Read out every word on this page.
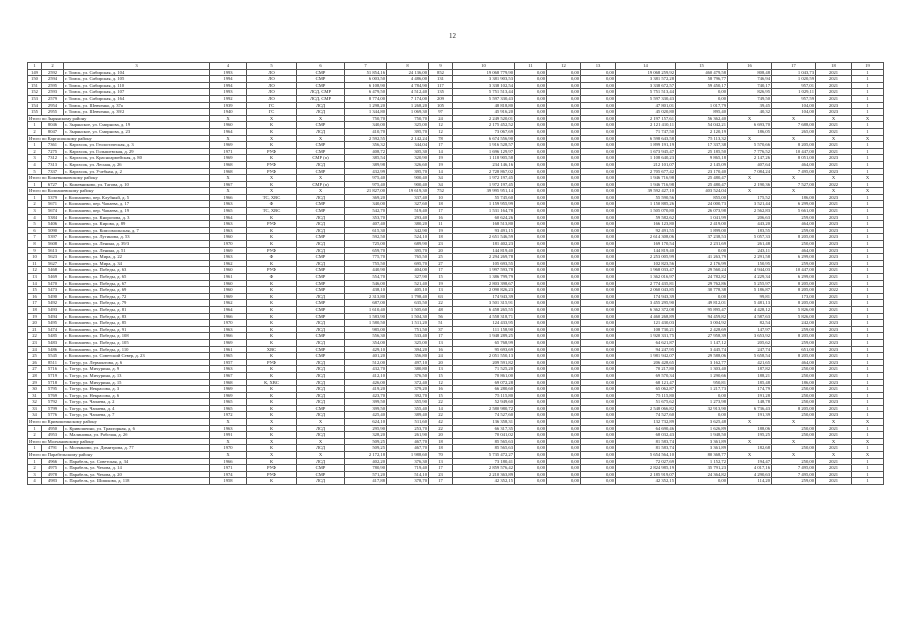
12
1	2	3	4	5	6	7	8	9	10	11	12	13	14	15	16	17	18	19
149	2592	г. Томск, ул. Сибирская, д. 104	1993	ЛО	СМР	51 854,16	24 136,00	852	19 068 779,90	0,00	0,00	0,00	19 068 259,92	460 479,58	808,48	1 043,73	2021	1
150	2594	г. Томск, ул. Сибирская, д. 105	1994	ЛО	СМР	6 003,50	4 486,00	131	3 381 903,53	0,00	0,00	0,00	3 381 572,28	58 796,77	746,94	1 020,59	2021	1
151	2595	г. Томск, ул. Сибирская, д. 110	1994	ЛО	СМР	6 108,90	4 784,90	117	3 338 102,54	0,00	0,00	0,00	3 338 672,57	59 450,17	740,17	957,01	2021	1
152	2593	г. Томск, ул. Сибирская, д. 107	1993	ЛО	ЛСД, СМР	6 479,50	4 512,40	135	5 751 513,44	0,00	0,00	0,00	5 751 513,44	0,00	826,95	1 029,11	2021	1
153	2579	г. Томск, ул. Сибирская, д. 164	1992	ЛО	ЛСД, СМР	8 774,00	7 174,00	209	5 597 330,43	0,00	0,00	0,00	5 597 330,43	0,00	749,50	957,59	2021	1
154	2954	г. Томск, ул. Шевченко, д. 37а	1939	ГС	ЛСД	1 298,20	1 268,20	105	48 818,80	0,00	0,00	0,00	47 801,01	1 017,79	39,45	104,00	2023	1
155	2955	г. Томск, ул. Шевченко, д. 39/2	1940	ГС	ЛСД	1 344,80	1 069,30	97	45 916,20	0,00	0,00	0,00	45 020,80	895,40	40,32	104,00	2023	1
Итого по Зырянскому району			Х	Х	Х	750,70	750,70	24	2 249 520,01	0,00	0,00	0,00	2 197 157,61	56 362,40	Х	Х	Х	Х
1	8046	с. Зырянское, ул. Смирнова, д. 19	1960	К	СМР	340,00	325,00	12	2 175 452,52	0,00	0,00	0,00	2 121 410,11	54 042,21	6 693,70	7 688,00	2021	1
2	8047	с. Зырянское, ул. Смирнова, д. 23	1964	К	ЛСД	410,70	395,70	12	73 067,69	0,00	0,00	0,00	71 747,50	2 120,19	186,05	265,00	2021	1
Итого по Каргасокскому району			Х	Х	Х	2 592,55	2 142,24	78	6 674 556,90	0,00	0,00	0,00	6 598 643,58	75 113,32	Х	Х	Х	Х
1	7361	с. Каргасок, ул. Геологическая, д. 3	1969	К	СМР	356,32	344,04	17	1 916 528,57	0,00	0,00	0,00	1 899 191,19	17 337,38	5 570,66	8 205,00	2021	1
2	7275	с. Каргасок, ул. Голышевская, д. 29	1971	РУФ	СМР	408,72	305,30	14	1 696 129,97	0,00	0,00	0,00	1 673 945,47	25 185,50	7 776,52	10 447,00	2021	1
3	7312	с. Каргасок, ул. Красноармейская, д. 80	1969	К	СМР (п)	385,54	320,90	19	1 118 905,58	0,00	0,00	0,00	1 108 640,23	9 865,18	2 147,26	8 051,00	2023	1
4	7313	с. Каргасок, ул. Лесная, д. 26	1968	РУФ	ЛСД	389,98	326,60	19	234 146,16	0,00	0,00	0,00	212 101,07	2 145,09	407,64	464,00	2021	1
5	7337	с. Каргасок, ул. Учебная, д. 2	1968	РУФ	СМР	432,99	395,70	14	2 728 867,02	0,00	0,00	0,00	2 705 677,42	23 170,40	7 084,24	7 495,00	2023	1
Итого по Кожевниковскому району			Х	Х	Х	975,40	900,40	34	1 972 197,45	0,00	0,00	0,00	1 946 716,98	25 480,47	Х	Х	Х	Х
1	6727	с. Кожевниково, ул. Тагова, д. 10	1967	К	СМР (п)	975,40	900,40	34	1 972 197,45	0,00	0,00	0,00	1 946 716,98	25 480,47	2 190,36	7 527,00	2022	1
Итого по Колпашевскому району			Х	Х	Х	21 827,00	19 619,30	752	39 995 951,14	0,00	0,00	0,00	39 592 427,10	403 524,04	Х	Х	Х	Х
1	5379	г. Колпашево, пер. Клубный, д. 5	1966	ТС, ХВС	ЛСД	369,20	337,40	10	55 745,60	0,00	0,00	0,00	55 590,56	855,00	175,52	186,00	2023	1
2	5671	г. Колпашево, пер. Чапаева, д. 17	1963	Ф	СМР	340,00	327,60	18	1 159 955,99	0,00	0,00	0,00	1 150 885,26	24 000,73	3 521,44	6 299,00	2021	1
3	5674	г. Колпашево, пер. Чапаева, д. 19	1965	ТС, ХВС	СМР	542,70	519,40	17	1 531 164,78	0,00	0,00	0,00	1 505 070,80	26 073,98	2 562,83	5 661,00	2021	1
4	5384	г. Колпашево, ул. Кнорозова, д. 3	1964	К	ЛСД	353,70	293,40	16	60 624,26	0,00	0,00	0,00	59 582,62	1 041,99	206,63	259,00	2023	1
5	5406	г. Колпашево, ул. Кирова, д. 89	1963	РУФ	ЛСД	407,40	380,20	11	168 513,80	0,00	0,00	0,00	166 123,80	2 419,00	443,20	464,00	2023	1
6	5090	г. Колпашево, ул. Комсомольская, д. 7	1963	К	ЛСД	615,30	342,90	19	93 491,15	0,00	0,00	0,00	92 491,55	1 899,00	183,55	259,00	2023	1
7	5397	г. Колпашево, ул. Лугинова, д. 53	1960	К	СМР	592,50	524,10	18	2 651 546,59	0,00	0,00	0,00	2 614 308,06	37 238,53	5 057,33	8 205,00	2023	1
8	5608	г. Колпашево, ул. Ленина, д. 39/3	1970	К	ЛСД	725,00	689,90	23	181 402,23	0,00	0,00	0,00	169 170,54	2 231,69	261,48	250,00	2023	1
9	5613	г. Колпашево, ул. Ленина, д. 51	1969	РУФ	ЛСД	659,70	395,70	20	144 819,40	0,00	0,00	0,00	144 819,40	0,00	243,11	464,00	2023	1
10	5623	г. Колпашево, ул. Мира, д. 22	1963	Ф	СМР	775,70	765,50	25	2 294 269,78	0,00	0,00	0,00	2 253 005,99	41 263,79	2 291,58	6 299,00	2023	1
11	5627	г. Колпашево, ул. Мира, д. 34	1962	К	ЛСД	755,50	695,70	27	105 693,55	0,00	0,00	0,00	102 823,56	2 176,99	150,95	259,00	2023	1
12	5468	г. Колпашево, ул. Победы, д. 63	1960	РУФ	СМР	440,90	404,00	17	1 997 593,78	0,00	0,00	0,00	1 968 033,47	29 560,24	4 944,03	10 447,00	2021	1
13	5469	г. Колпашево, ул. Победы, д. 65	1961	Ф	СМР	554,70	327,90	15	1 386 799,79	0,00	0,00	0,00	1 362 016,97	24 782,82	4 229,34	6 299,00	2021	1
14	5470	г. Колпашево, ул. Победы, д. 67	1960	К	СМР	546,00	521,40	19	2 803 398,67	0,00	0,00	0,00	2 774 435,81	29 762,86	5 255,97	8 205,00	2021	1
15	5473	г. Колпашево, ул. Победы, д. 69	1960	К	СМР	438,10	405,10	13	2 090 826,23	0,00	0,00	0,00	2 060 043,85	30 778,38	5 186,87	8 205,00	2022	1
16	5490	г. Колпашево, ул. Победы, д. 72	1969	К	ЛСД	2 313,80	1 798,40	63	174 943,39	0,00	0,00	0,00	174 943,39	0,00	99,81	173,00	2021	1
17	5492	г. Колпашево, ул. Победы, д. 79	1962	К	СМР	687,00	635,50	22	3 501 315,91	0,00	0,00	0,00	3 455 295,90	49 812,01	5 481,13	8 205,00	2021	1
18	5493	г. Колпашево, ул. Победы, д. 81	1964	К	СМР	1 610,40	1 505,60	48	6 458 265,55	0,00	0,00	0,00	6 362 372,08	95 895,47	4 428,12	5 826,00	2021	1
19	5494	г. Колпашево, ул. Победы, д. 83	1966	К	СМР	1 583,90	1 504,30	56	4 558 318,71	0,00	0,00	0,00	4 460 268,89	94 459,82	4 587,63	5 826,00	2021	1
20	5495	г. Колпашево, ул. Победы, д. 85	1970	К	ЛСД	1 580,50	1 511,20	51	124 433,95	0,00	0,00	0,00	121 430,03	3 004,92	82,54	242,00	2023	1
21	5474	г. Колпашево, ул. Победы, д. 91	1963	К	ЛСД	985,00	751,50	37	111 158,90	0,00	0,00	0,00	108 730,21	2 428,69	147,97	259,00	2023	1
22	5485	г. Колпашево, ул. Победы, д. 108	1966	К	СМР	556,30	533,40	17	1 948 289,25	0,00	0,00	0,00	1 920 331,75	27 958,39	3 653,92	8 205,00	2021	1
23	5483	г. Колпашево, ул. Победы, д. 105	1969	К	ЛСД	354,00	325,00	13	65 768,99	0,00	0,00	0,00	64 621,87	1 147,12	205,62	259,00	2023	1
24	5486	г. Колпашево, ул. Победы, д. 110	1961	ХВС	СМР	429,10	394,20	16	95 693,69	0,00	0,00	0,00	94 247,95	3 445,74	247,74	651,00	2023	1
25	5545	г. Колпашево, ул. Советский Север, д. 23	1965	К	СМР	401,20	356,80	24	2 051 550,13	0,00	0,00	0,00	1 981 942,07	29 588,06	5 658,54	8 205,00	2021	1
26	8511	с. Тогур, ул. Лермонтова, д. 6	1957	РУФ	ЛСД	512,00	497,10	20	209 591,82	0,00	0,00	0,00	206 428,65	3 162,77	421,65	464,00	2023	1
27	5716	с. Тогур, ул. Мичурина, д. 9	1963	К	ЛСД	432,70	380,80	13	71 525,20	0,00	0,00	0,00	70 217,80	1 303,40	187,82	250,00	2021	1
28	5719	с. Тогур, ул. Мичурина, д. 13	1967	К	ЛСД	412,10	376,50	15	70 861,00	0,00	0,00	0,00	69 570,34	1 290,66	188,21	250,00	2021	1
29	5718	с. Тогур, ул. Мичурина, д. 15	1968	К, ХВС	ЛСД	426,00	372,40	12	69 072,28	0,00	0,00	0,00	68 121,47	950,81	185,48	186,00	2023	1
30	5795	с. Тогур, ул. Некрасова, д. 3	1969	К	ЛСД	419,20	379,20	16	66 280,60	0,00	0,00	0,00	65 062,87	1 217,73	174,79	250,00	2021	1
31	5769	с. Тогур, ул. Некрасова, д. 6	1969	К	ЛСД	423,70	392,70	15	75 115,80	0,00	0,00	0,00	75 115,80	0,00	191,28	250,00	2021	1
32	5792	с. Тогур, ул. Чапаева, д. 2	1965	К	ЛСД	399,50	355,90	22	52 949,60	0,00	0,00	0,00	51 675,62	1 273,98	148,78	250,00	2023	1
33	5799	с. Тогур, ул. Чапаева, д. 4	1965	К	СМР	399,50	355,40	14	2 580 980,72	0,00	0,00	0,00	2 548 066,82	32 913,90	6 736,43	8 205,00	2021	1
34	5776	с. Тогур, ул. Чапаева, д. 7	1972	К	ЛСД	425,40	389,40	22	74 527,60	0,00	0,00	0,00	74 527,60	0,00	191,39	250,00	2023	1
Итого по Кривошеинскому району			Х	Х	Х	624,10	511,60	42	136 358,31	0,00	0,00	0,00	132 732,89	3 625,48	Х	Х	Х	Х
1	4950	с. Кривошеино, ул. Тракторная, д. 6	1963	К	ЛСД	295,90	253,70	22	66 317,35	0,00	0,00	0,00	64 690,46	1 626,89	188,06	250,00	2021	1
2	4953	с. Малиновка, ул. Рабочая, д. 2б	1991	К	ЛСД	328,20	261,90	20	70 041,02	0,00	0,00	0,00	68 032,43	1 948,50	195,25	250,00	2021	1
Итого по Молчановскому району			Х	Х	Х	509,25	467,70	18	85 565,63	0,00	0,00	0,00	81 583,74	3 361,89	Х	Х	Х	Х
1	4791	с. Молчаново, ул. Димитрова, д. 77	1970	К	ЛСД	509,25	467,70	18	85 565,63	0,00	0,00	0,00	81 583,74	3 361,89	182,68	250,00	2021	1
Итого по Парабельскому району			Х	Х	Х	2 172,18	1 988,60	70	5 735 472,27	0,00	0,00	0,00	5 654 564,10	80 368,77	Х	Х	Х	Х
1	4966	с. Парабель, ул. Советская, д. 34	1966	К	ЛСД	402,20	376,30	13	73 180,41	0,00	0,00	0,00	72 027,69	1 152,72	194,47	250,00	2021	1
2	4975	с. Парабель, ул. Чехова, д. 14	1971	РУФ	СМР	780,90	719,40	17	2 859 576,42	0,00	0,00	0,00	2 824 985,19	35 791,23	4 017,16	7 495,00	2021	1
3	4978	с. Парабель, ул. Чехова, д. 20	1974	РУФ	СМР	571,20	514,10	23	2 210 363,89	0,00	0,00	0,00	2 185 919,07	24 364,82	4 290,63	7 495,00	2021	1
4	4983	с. Парабель, ул. Шишкова, д. 118	1958	К	ЛСД	417,88	378,70	17	42 352,15	0,00	0,00	0,00	42 352,15	0,00	114,20	259,00	2021	1
